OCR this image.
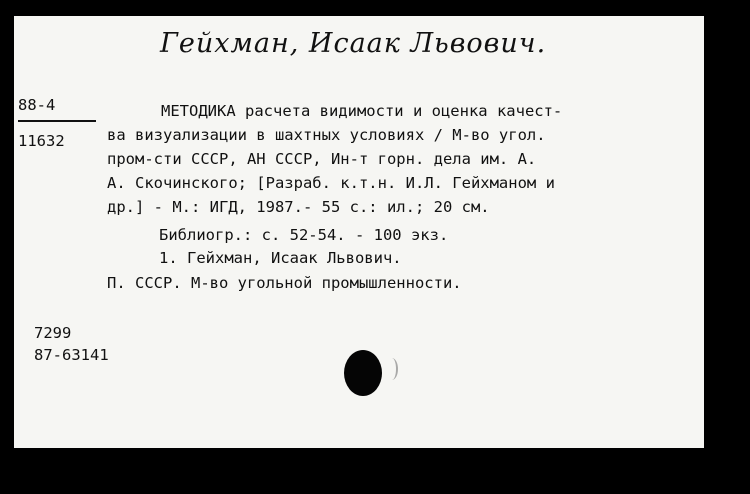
Гейхман, Исаак Львович.
88-4
11632
МЕТОДИКА расчета видимости и оценка качест-
ва визуализации в шахтных условиях / М-во угол.
пром-сти СССР, АН СССР, Ин-т горн. дела им. А.
А. Скочинского; [Разраб. к.т.н. И.Л. Гейхманом и
др.] - М.: ИГД, 1987.- 55 с.: ил.; 20 см.
Библиогр.: с. 52-54. - 100 экз.
1. Гейхман, Исаак Львович.
П. СССР. М-во угольной промышленности.
7299
87-63141
